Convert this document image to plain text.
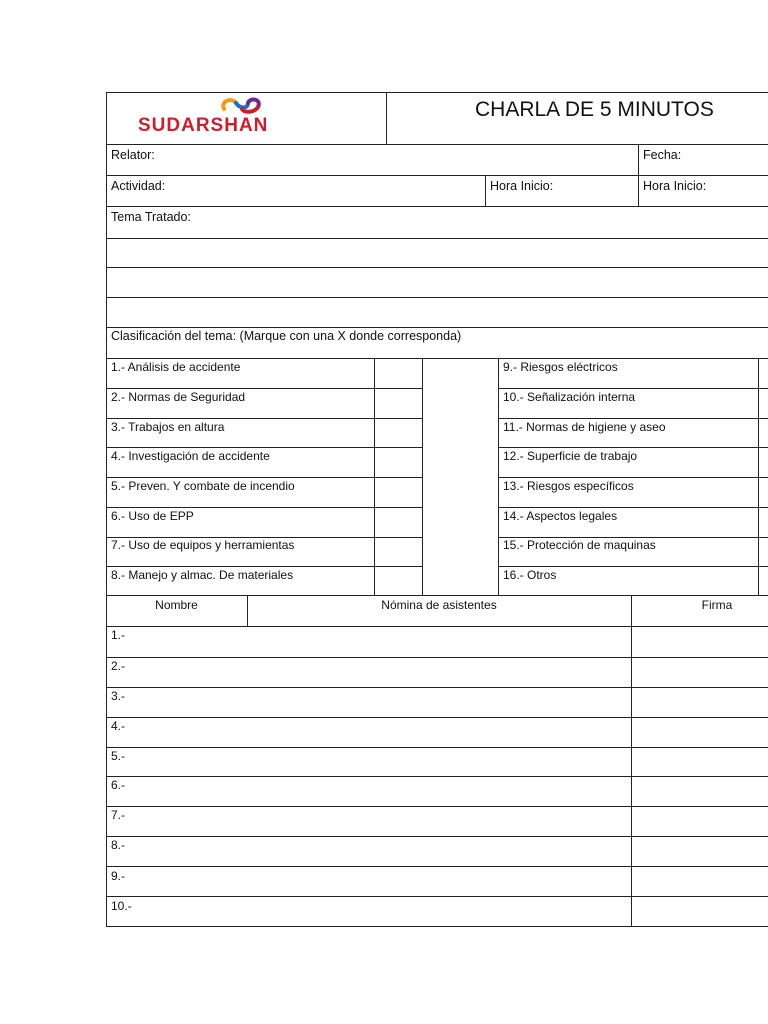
SUDARSHAN
CHARLA DE 5 MINUTOS
Relator:	Fecha:
Actividad:	Hora Inicio:	Hora Inicio:
Tema Tratado:
Clasificación del tema: (Marque con una X donde corresponda)
1.- Análisis de accidente
2.- Normas de Seguridad
3.- Trabajos en altura
4.- Investigación de accidente
5.- Preven. Y combate de incendio
6.- Uso de EPP
7.- Uso de equipos y herramientas
8.- Manejo y almac. De materiales
9.- Riesgos eléctricos
10.- Señalización interna
11.- Normas de higiene y aseo
12.- Superficie de trabajo
13.- Riesgos específicos
14.- Aspectos legales
15.- Protección de maquinas
16.- Otros
Nombre	Nómina de asistentes	Firma
1.-
2.-
3.-
4.-
5.-
6.-
7.-
8.-
9.-
10.-
